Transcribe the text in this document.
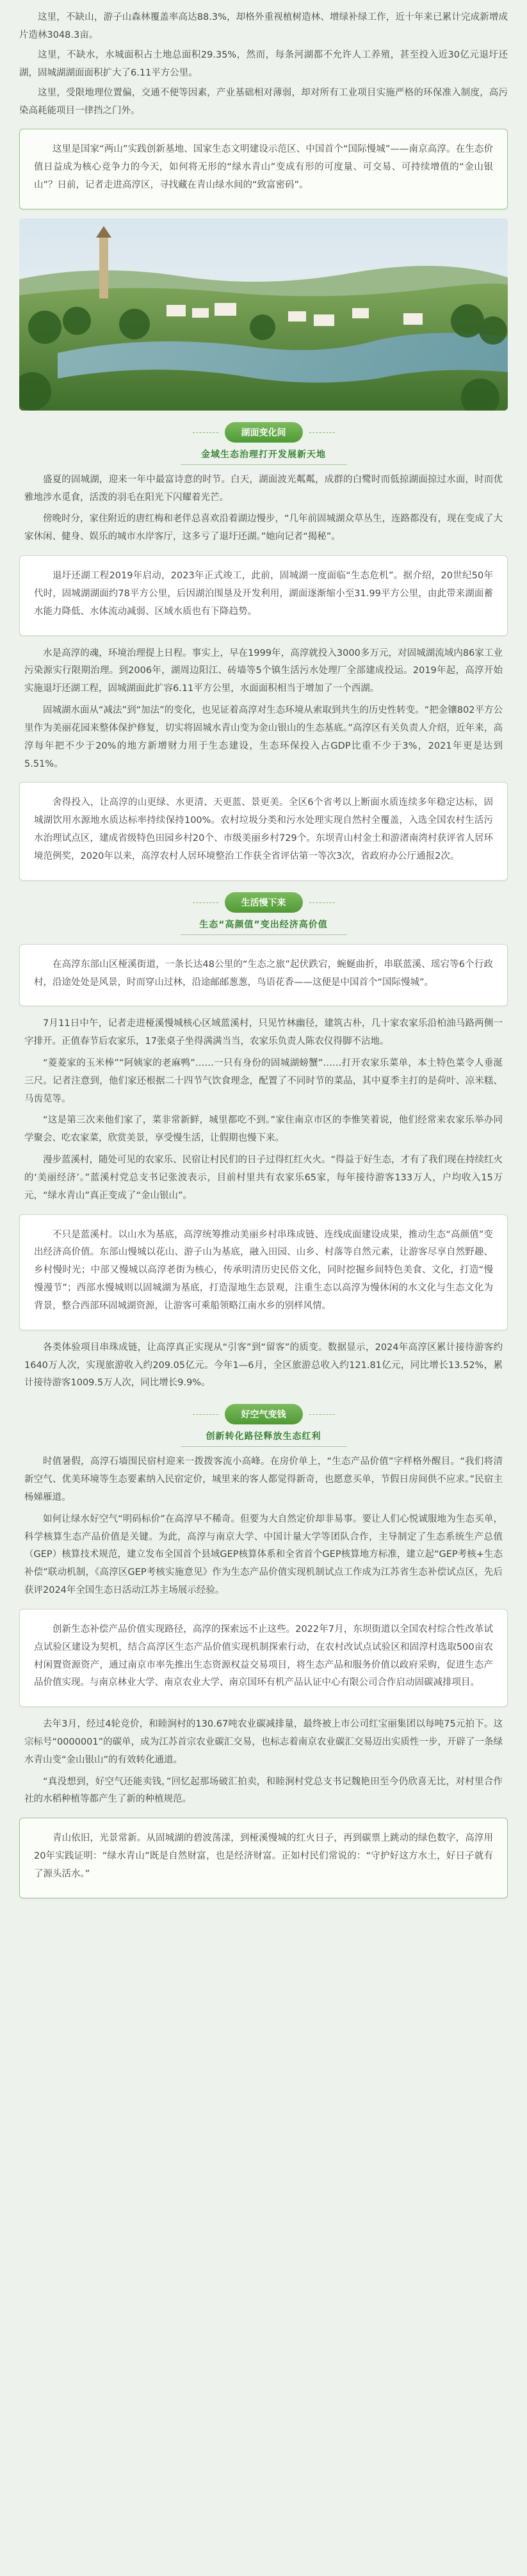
这里，不缺山，游子山森林覆盖率高达88.3%，却格外重视植树造林、增绿补绿工作，近十年来已累计完成新增成片造林3048.3亩。

这里，不缺水，水城面积占土地总面积29.35%，然而，每条河湖都不允许人工养殖，甚至投入近30亿元退圩还湖，固城湖湖面面积扩大了6.11平方公里。

这里，受限地理位置偏，交通不便等因素，产业基础相对薄弱，却对所有工业项目实施严格的环保准入制度，高污染高耗能项目一律挡之门外。

这里是国家“两山”实践创新基地、国家生态文明建设示范区、中国首个“国际慢城”——南京高淳。在生态价值日益成为核心竞争力的今天，如何将无形的“绿水青山”变成有形的可度量、可交易、可持续增值的“金山银山”？日前，记者走进高淳区，寻找藏在青山绿水间的“致富密码”。

湖面变化间
金域生态治理打开发展新天地

盛夏的固城湖，迎来一年中最富诗意的时节。白天，湖面波光粼粼，成群的白鹭时而低掠湖面掠过水面，时而优雅地涉水觅食，活泼的羽毛在阳光下闪耀着光芒。

傍晚时分，家住附近的唐红梅和老伴总喜欢沿着湖边慢步，“几年前固城湖众草丛生，连路都没有，现在变成了大家休闲、健身、娱乐的城市水岸客厅，这多亏了退圩还湖。”她向记者“揭秘”。

退圩还湖工程2019年启动，2023年正式竣工，此前，固城湖一度面临“生态危机”。据介绍，20世纪50年代时，固城湖湖面约78平方公里，后因湖泊围垦及开发利用，湖面逐渐缩小至31.99平方公里，由此带来湖面蓄水能力降低、水体流动减弱、区域水质也有下降趋势。

水是高淳的魂，环境治理提上日程。事实上，早在1999年，高淳就投入3000多万元，对固城湖流域内86家工业污染源实行限期治理。到2006年，湖周边阳江、砖墙等5个镇生活污水处理厂全部建成投运。2019年起，高淳开始实施退圩还湖工程，固城湖面此扩容6.11平方公里，水面面积相当于增加了一个西湖。

固城湖水面从“减法”到“加法”的变化，也见证着高淳对生态环境从索取到共生的历史性转变。“把金镶802平方公里作为美丽花园来整体保护修复，切实将固城水青山变为金山银山的生态基底。”高淳区有关负责人介绍，近年来，高淳每年把不少于20%的地方新增财力用于生态建设，生态环保投入占GDP比重不少于3%，2021年更是达到5.51%。

舍得投入，让高淳的山更绿、水更清、天更蓝、景更美。全区6个省考以上断面水质连续多年稳定达标，固城湖饮用水源地水质达标率持续保持100%。农村垃圾分类和污水处理实现自然村全覆盖，入选全国农村生活污水治理试点区，建成省级特色田园乡村20个、市级美丽乡村729个。东坝青山村金土和游渚南湾村获评省人居环境范例奖，2020年以来，高淳农村人居环境整治工作获全省评估第一等次3次，省政府办公厅通报2次。

生活慢下来
生态“高颜值”变出经济高价值

在高淳东部山区桠溪街道，一条长达48公里的“生态之旅”起伏跌宕，蜿蜒曲折，串联蓝溪、瑶宕等6个行政村，沿途处处是风景，时而穿山过林，沿途邮邮葱葱，鸟语花香——这便是中国首个“国际慢城”。

7月11日中午，记者走进桠溪慢城核心区域蓝溪村，只见竹林幽径，建筑古朴，几十家农家乐沿柏油马路两侧一字排开。正值春节后农家乐，17张桌子坐得满满当当，农家乐负责人陈农仪得脚不沾地。

“菱菱家的玉米棒”“阿姨家的老麻鸭”……一只有身份的固城湖螃蟹”……打开农家乐菜单，本土特色菜令人垂涎三尺。记者注意到，他们家还根据二十四节气饮食理念，配置了不同时节的菜品，其中夏季主打的是荷叶、凉米糕、马齿苋等。

“这是第三次来他们家了，菜非常新鲜，城里都吃不到。”家住南京市区的李惟笑着说，他们经常来农家乐举办同学聚会、吃农家菜，欣赏美景，享受慢生活，让假期也慢下来。

漫步蓝溪村，随处可见的农家乐、民宿让村民们的日子过得红红火火。“得益于好生态，才有了我们现在持续红火的‘美丽经济’。”蓝溪村党总支书记张波表示，目前村里共有农家乐65家，每年接待游客133万人，户均收入15万元，“绿水青山”真正变成了“金山银山”。

不只是蓝溪村。以山水为基底，高淳统筹推动美丽乡村串珠成链、连线成面建设成果，推动生态“高颜值”变出经济高价值。东部山慢城以花山、游子山为基底，融入田园、山乡、村落等自然元素，让游客尽享自然野趣、乡村慢时光；中部又慢城以高淳老街为核心，传承明清历史民俗文化，同时挖掘乡间特色美食、文化，打造“慢慢漫节”；西部水慢城则以固城湖为基底，打造湿地生态景观，注重生态以高淳为慢休闲的水文化与生态文化为背景，整合西部环固城湖资源，让游客可乘船领略江南水乡的别样风情。

各类体验项目串珠成链，让高淳真正实现从“引客”到“留客”的质变。数据显示，2024年高淳区累计接待游客约1640万人次，实现旅游收入约209.05亿元。今年1—6月，全区旅游总收入约121.81亿元，同比增长13.52%，累计接待游客1009.5万人次，同比增长9.9%。

好空气变钱
创新转化路径释放生态红利

时值暑假，高淳石墙围民宿村迎来一拨拨客流小高峰。在房价单上，“生态产品价值”字样格外醒目。“我们将清新空气、优美环境等生态要素纳入民宿定价，城里来的客人都觉得新奇，也愿意买单，节假日房间供不应求。”民宿主杨娣雁道。

如何让绿水好空气“明码标价”在高淳早不稀奇。但要为大自然定价却非易事。要让人们心悦诚服地为生态买单，科学核算生态产品价值是关键。为此，高淳与南京大学、中国计量大学等团队合作，主导制定了生态系统生产总值（GEP）核算技术规范，建立发布全国首个县域GEP核算体系和全省首个GEP核算地方标准，建立起“GEP考核+生态补偿”联动机制，《高淳区GEP考核实施意见》作为生态产品价值实现机制试点工作成为江苏省生态补偿试点区，先后获评2024年全国生态日活动江苏主场展示经验。

创新生态补偿产品价值实现路径，高淳的探索远不止这些。2022年7月，东坝街道以全国农村综合性改革试点试验区建设为契机，结合高淳区生态产品价值实现机制探索行动，在农村改试点试验区和固淳村选取500亩农村闲置资源资产，通过南京市率先推出生态资源权益交易项目，将生态产品和服务价值以政府采购，促进生态产品价值实现。与南京林业大学、南京农业大学、南京国环有机产品认证中心有限公司合作启动固碳减排项目。

去年3月，经过4轮竞价，和睦涧村的130.67吨农业碳减排量，最终被上市公司红宝丽集团以每吨75元拍下。这宗标号“0000001”的碳单，成为江苏首宗农业碳汇交易，也标志着南京农业碳汇交易迈出实质性一步，开辟了一条绿水青山变“金山银山”的有效转化通道。

“真没想到，好空气还能卖钱，”回忆起那场破汇拍卖，和睦涧村党总支书记魏艳田至今仍欣喜无比，对村里合作社的水稻种植等都产生了新的种植规范。

青山依旧，光景常新。从固城湖的碧波荡漾，到桠溪慢城的红火日子，再到碳票上跳动的绿色数字，高淳用20年实践证明：“绿水青山”既是自然财富，也是经济财富。正如村民们常说的：“守护好这方水土，好日子就有了源头活水。”
